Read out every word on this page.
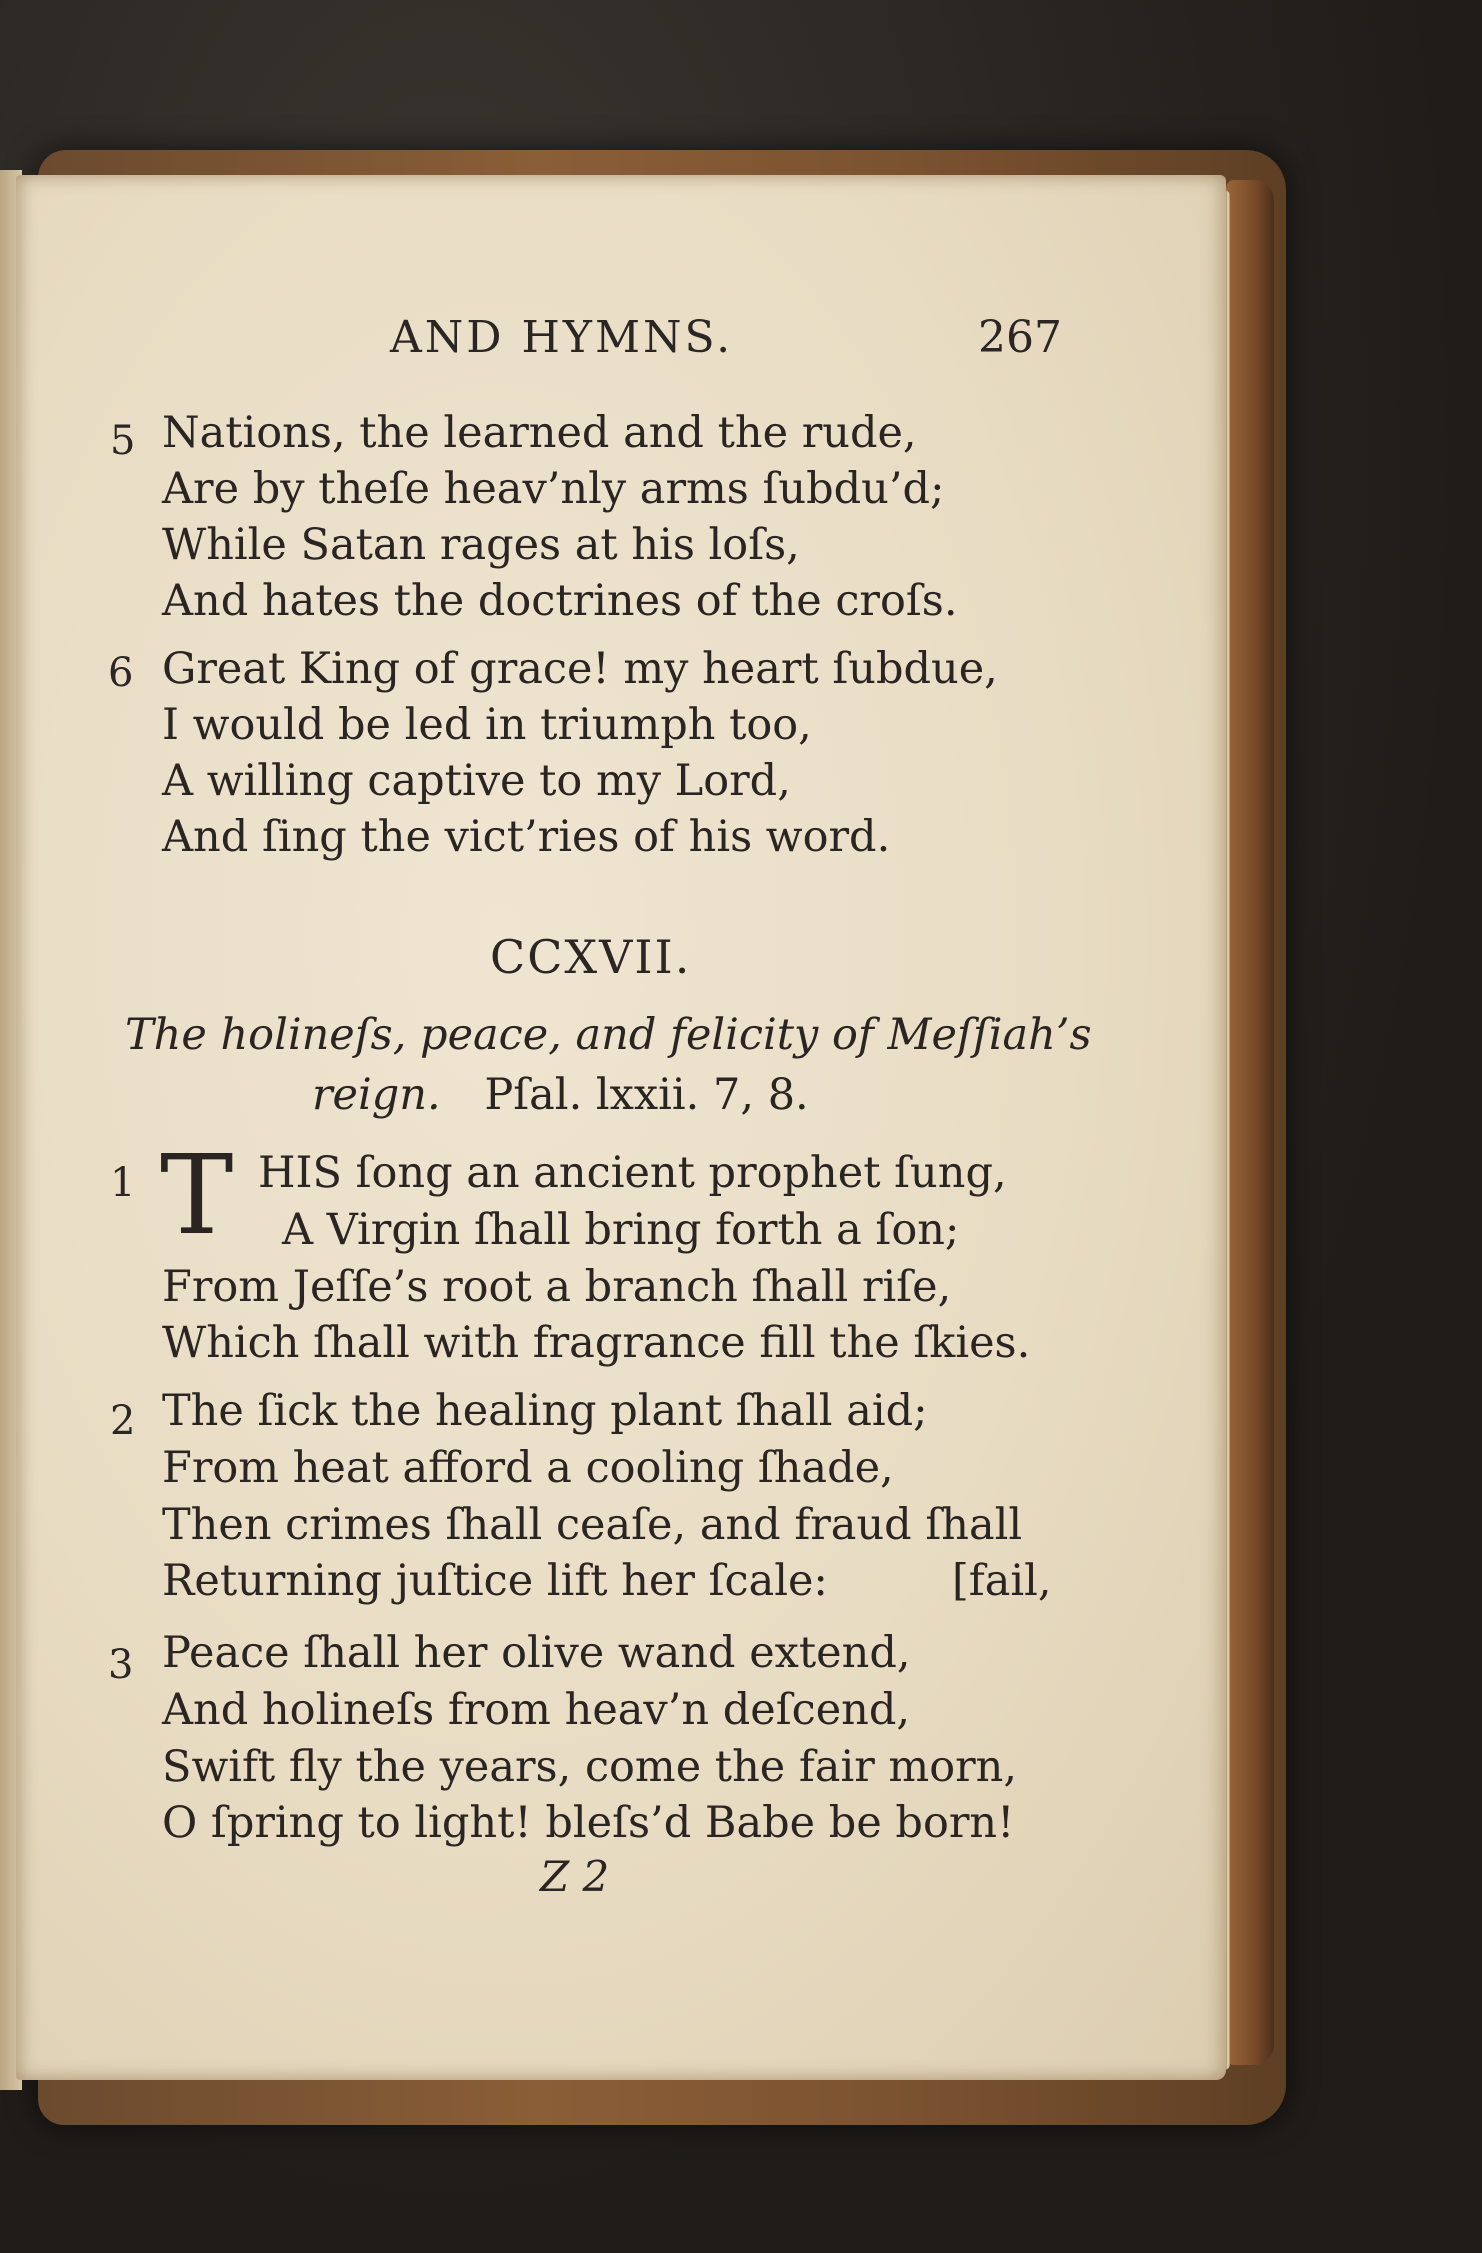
AND HYMNS.	267
5 Nations, the learned and the rude,
Are by theſe heav’nly arms ſubdu’d;
While Satan rages at his loſs,
And hates the doctrines of the croſs.
6 Great King of grace! my heart ſubdue,
I would be led in triumph too,
A willing captive to my Lord,
And ſing the vict’ries of his word.
CCXVII.
The holineſs, peace, and felicity of Meſſiah’s
reign. Pſal. lxxii. 7, 8.
1 T HIS ſong an ancient prophet ſung,
A Virgin ſhall bring forth a ſon;
From Jeſſe’s root a branch ſhall riſe,
Which ſhall with fragrance fill the ſkies.
2 The ſick the healing plant ſhall aid;
From heat afford a cooling ſhade,
Then crimes ſhall ceaſe, and fraud ſhall
Returning juſtice lift her ſcale:	[fail,
3 Peace ſhall her olive wand extend,
And holineſs from heav’n deſcend,
Swift fly the years, come the fair morn,
O ſpring to light! bleſs’d Babe be born!
Z 2
